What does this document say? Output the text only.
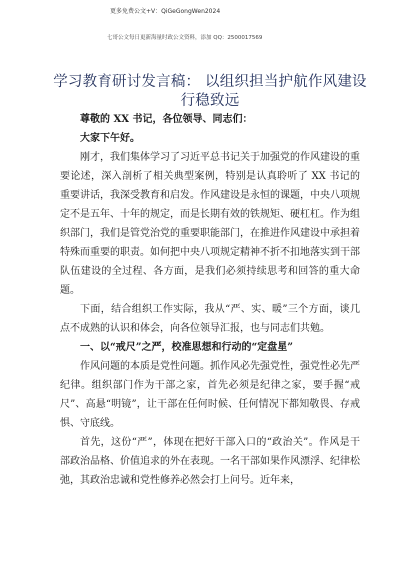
更多免费公文+V：QiGeGongWen2024
七哥公文每日更新海量时政公文资料，添加 QQ：2500017569
学习教育研讨发言稿： 以组织担当护航作风建设行稳致远

尊敬的 XX 书记，各位领导、同志们：

大家下午好。

刚才，我们集体学习了习近平总书记关于加强党的作风建设的重要论述，深入剖析了相关典型案例，特别是认真聆听了 XX 书记的重要讲话，我深受教育和启发。作风建设是永恒的课题，中央八项规定不是五年、十年的规定，而是长期有效的铁规矩、硬杠杠。作为组织部门，我们是管党治党的重要职能部门，在推进作风建设中承担着特殊而重要的职责。如何把中央八项规定精神不折不扣地落实到干部队伍建设的全过程、各方面，是我们必须持续思考和回答的重大命题。

下面，结合组织工作实际，我从“严、实、暖”三个方面，谈几点不成熟的认识和体会，向各位领导汇报，也与同志们共勉。

一、以“戒尺”之严，校准思想和行动的“定盘星”

作风问题的本质是党性问题。抓作风必先强党性，强党性必先严纪律。组织部门作为干部之家，首先必须是纪律之家，要手握“戒尺”、高悬“明镜”，让干部在任何时候、任何情况下都知敬畏、存戒惧、守底线。

首先，这份“严”，体现在把好干部入口的“政治关”。作风是干部政治品格、价值追求的外在表现。一名干部如果作风漂浮、纪律松弛，其政治忠诚和党性修养必然会打上问号。近年来，
